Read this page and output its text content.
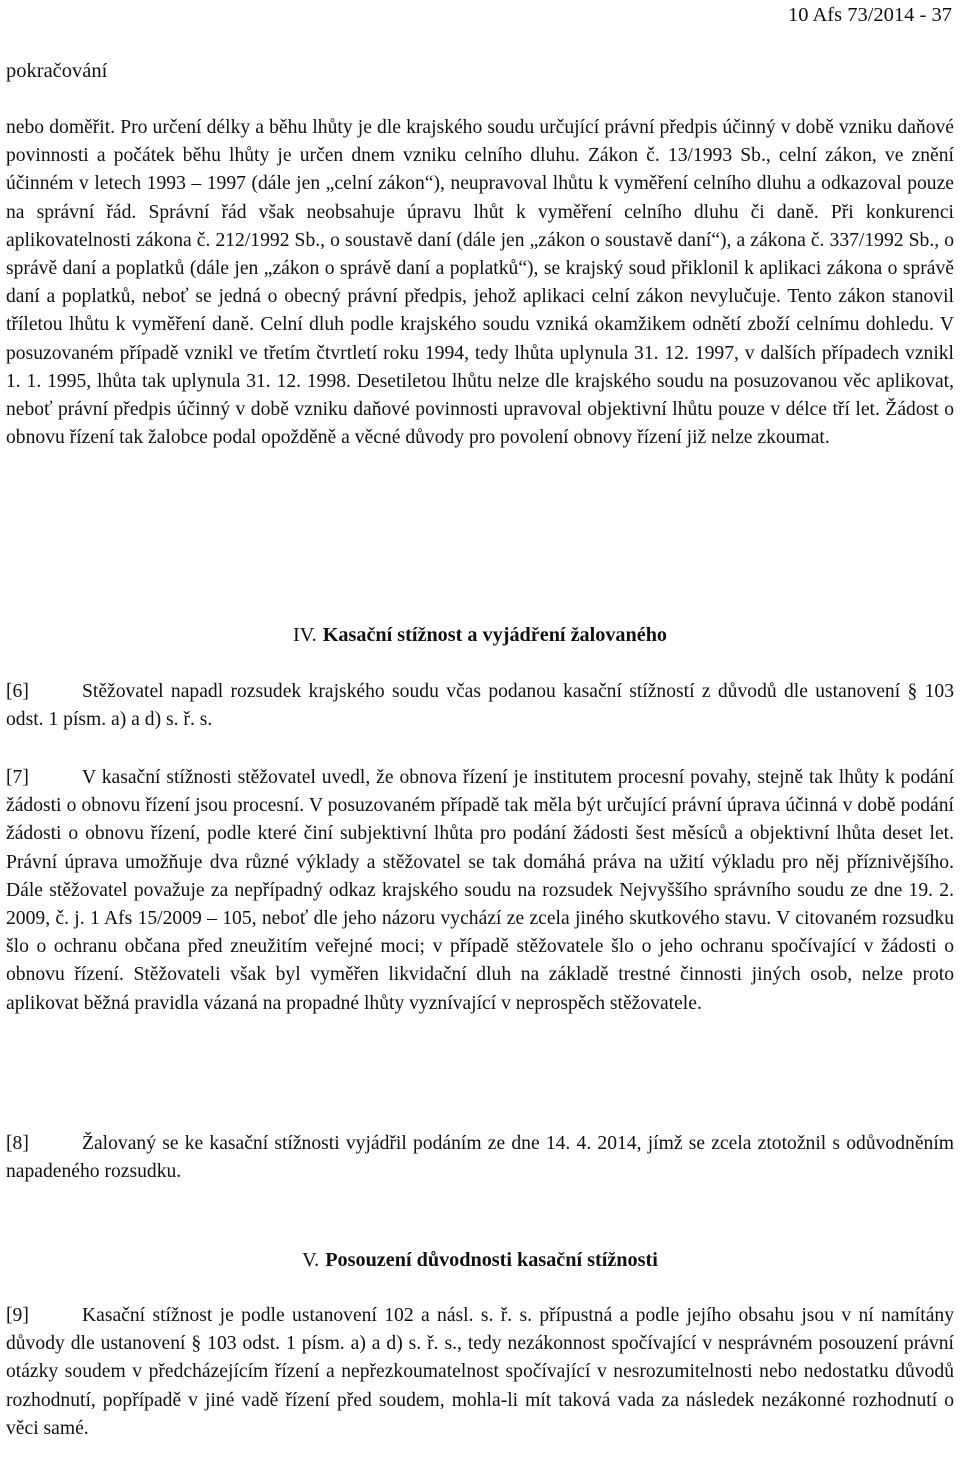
10 Afs 73/2014 - 37
pokračování

nebo doměřit. Pro určení délky a běhu lhůty je dle krajského soudu určující právní předpis účinný v době vzniku daňové povinnosti a počátek běhu lhůty je určen dnem vzniku celního dluhu. Zákon č. 13/1993 Sb., celní zákon, ve znění účinném v letech 1993 – 1997 (dále jen „celní zákon“), neupravoval lhůtu k vyměření celního dluhu a odkazoval pouze na správní řád. Správní řád však neobsahuje úpravu lhůt k vyměření celního dluhu či daně. Při konkurenci aplikovatelnosti zákona č. 212/1992 Sb., o soustavě daní (dále jen „zákon o soustavě daní“), a zákona č. 337/1992 Sb., o správě daní a poplatků (dále jen „zákon o správě daní a poplatků“), se krajský soud přiklonil k aplikaci zákona o správě daní a poplatků, neboť se jedná o obecný právní předpis, jehož aplikaci celní zákon nevylučuje. Tento zákon stanovil tříletou lhůtu k vyměření daně. Celní dluh podle krajského soudu vzniká okamžikem odnětí zboží celnímu dohledu. V posuzovaném případě vznikl ve třetím čtvrtletí roku 1994, tedy lhůta uplynula 31. 12. 1997, v dalších případech vznikl 1. 1. 1995, lhůta tak uplynula 31. 12. 1998. Desetiletou lhůtu nelze dle krajského soudu na posuzovanou věc aplikovat, neboť právní předpis účinný v době vzniku daňové povinnosti upravoval objektivní lhůtu pouze v délce tří let. Žádost o obnovu řízení tak žalobce podal opožděně a věcné důvody pro povolení obnovy řízení již nelze zkoumat.

IV. Kasační stížnost a vyjádření žalovaného

[6]	Stěžovatel napadl rozsudek krajského soudu včas podanou kasační stížností z důvodů dle ustanovení § 103 odst. 1 písm. a) a d) s. ř. s.

[7]	V kasační stížnosti stěžovatel uvedl, že obnova řízení je institutem procesní povahy, stejně tak lhůty k podání žádosti o obnovu řízení jsou procesní. V posuzovaném případě tak měla být určující právní úprava účinná v době podání žádosti o obnovu řízení, podle které činí subjektivní lhůta pro podání žádosti šest měsíců a objektivní lhůta deset let. Právní úprava umožňuje dva různé výklady a stěžovatel se tak domáhá práva na užití výkladu pro něj příznivějšího. Dále stěžovatel považuje za nepřípadný odkaz krajského soudu na rozsudek Nejvyššího správního soudu ze dne 19. 2. 2009, č. j. 1 Afs 15/2009 – 105, neboť dle jeho názoru vychází ze zcela jiného skutkového stavu. V citovaném rozsudku šlo o ochranu občana před zneužitím veřejné moci; v případě stěžovatele šlo o jeho ochranu spočívající v žádosti o obnovu řízení. Stěžovateli však byl vyměřen likvidační dluh na základě trestné činnosti jiných osob, nelze proto aplikovat běžná pravidla vázaná na propadné lhůty vyznívající v neprospěch stěžovatele.

[8]	Žalovaný se ke kasační stížnosti vyjádřil podáním ze dne 14. 4. 2014, jímž se zcela ztotožnil s odůvodněním napadeného rozsudku.

V. Posouzení důvodnosti kasační stížnosti

[9]	Kasační stížnost je podle ustanovení 102 a násl. s. ř. s. přípustná a podle jejího obsahu jsou v ní namítány důvody dle ustanovení § 103 odst. 1 písm. a) a d) s. ř. s., tedy nezákonnost spočívající v nesprávném posouzení právní otázky soudem v předcházejícím řízení a nepřezkoumatelnost spočívající v nesrozumitelnosti nebo nedostatku důvodů rozhodnutí, popřípadě v jiné vadě řízení před soudem, mohla-li mít taková vada za následek nezákonné rozhodnutí o věci samé.
